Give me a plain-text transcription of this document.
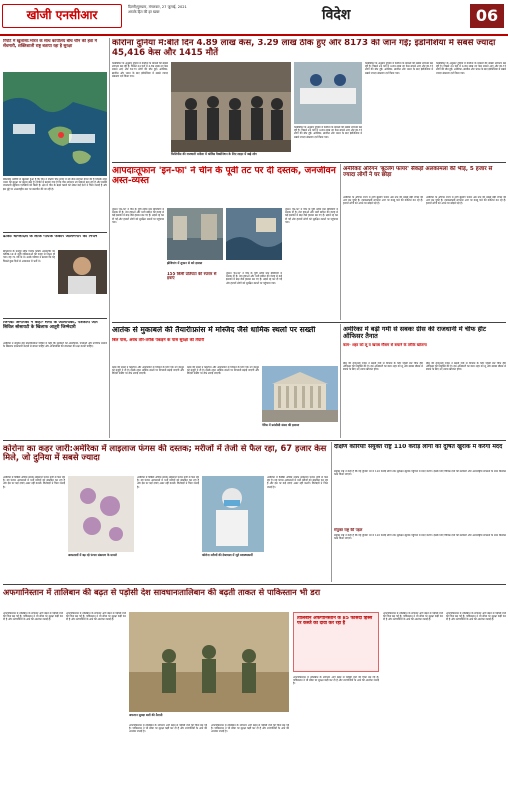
खोजी एनसीआर
दिल्ली/गुरुग्राम, मंगलवार, 27 जुलाई, 2021
आपके हित की हर खबर	विदेश	06
रिपोर्ट में खुलासा:भारत के साथ कार्यालय बीच चीन की हवा में सेंधमारी, शक्तिशाली राष्ट्र बताया रहा है सुरक्षा
सैटेलाइट तस्वीरों से खुलासा हुआ है कि चीन ने दक्षिण चीन सागर में नई सैन्य संरचना तैयार की है जिसके तहत भारत की सुरक्षा पर खतरा बढ़ा है। रिपोर्ट में बताया गया है कि चीन लगातार नए ठिकाने बना रहा है और इसकी जानकारी खुफिया एजेंसियों को मिली है। क्षेत्र में चीन के बढ़ते कब्जे को लेकर कई देशों ने चिंता जताई है और इस मुद्दे पर अंतरराष्ट्रीय स्तर पर बातचीत की जा रही है।
ढाकाः बांग्लादेश के लोक गायक फकीर आलमगीर का निधन
बांग्लादेश के मशहूर लोक गायक फकीर आलमगीर का कोविड-19 से जुड़ी जटिलताओं की वजह से निधन हो गया। वह 71 वर्ष के थे। उनके परिवार ने बताया कि वह पिछले कुछ दिनों से अस्पताल में भर्ती थे।
जिनेवाः अमेरिका ने कहा- सत्ता के आलोचकों, पत्रकारों और सिविल सोसायटी के खिलाफ आतुरी जिम्मेदारी
अमेरिका ने संयुक्त राष्ट्र मानवाधिकार परिषद में कहा कि सरकारों को आलोचकों, पत्रकारों और नागरिक समाज के खिलाफ दमनकारी कदमों से बचना चाहिए और अभिव्यक्ति की स्वतंत्रता की रक्षा करनी चाहिए।
कोरोना दुनिया में:बीते दिन 4.89 लाख केस, 3.29 लाख ठीक हुए और 8173 की जान गई; इंडोनेशिया में सबसे ज्यादा 45,416 केस और 1415 मौतें
वर्ल्डोमीटर के अनुसार दुनिया में कोरोना के मामलों की संख्या लगातार बढ़ रही है। पिछले 24 घंटों में 4.89 लाख नए केस सामने आए और 8173 लोगों की मौत हुई। अमेरिका, ब्राजील और भारत के बाद इंडोनेशिया में सबसे ज्यादा संक्रमण दर्ज किया गया।
फिलिपींस की राजधानी मनीला में कोविड वैक्सीनेशन के लिए लाइन में खड़े लोग
वर्ल्डोमीटर के अनुसार दुनिया में कोरोना के मामलों की संख्या लगातार बढ़ रही है। पिछले 24 घंटों में 4.89 लाख नए केस सामने आए और 8173 लोगों की मौत हुई। अमेरिका, ब्राजील और भारत के बाद इंडोनेशिया में सबसे ज्यादा संक्रमण दर्ज किया गया।
वर्ल्डोमीटर के अनुसार दुनिया में कोरोना के मामलों की संख्या लगातार बढ़ रही है। पिछले 24 घंटों में 4.89 लाख नए केस सामने आए और 8173 लोगों की मौत हुई। अमेरिका, ब्राजील और भारत के बाद इंडोनेशिया में सबसे ज्यादा संक्रमण दर्ज किया गया।
वर्ल्डोमीटर के अनुसार दुनिया में कोरोना के मामलों की संख्या लगातार बढ़ रही है। पिछले 24 घंटों में 4.89 लाख नए केस सामने आए और 8173 लोगों की मौत हुई। अमेरिका, ब्राजील और भारत के बाद इंडोनेशिया में सबसे ज्यादा संक्रमण दर्ज किया गया।
आपदाःतूफान 'इन-फा' ने चीन के पूर्वी तट पर दी दस्तक, जनजीवन अस्त-व्यस्त
तूफान 'इन-फा' ने चीन के पूर्वी तटीय प्रांत झेजियांग में दस्तक दी है। तेज हवाओं और भारी बारिश की वजह से कई इलाकों में बाढ़ जैसे हालात बन गए हैं। उड़ानें रद्द कर दी गईं और हजारों लोगों को सुरक्षित स्थानों पर पहुंचाया गया।
झेजियांग में तूफान से बने हालात
155 किमी प्रतिघंटा की रफ्तार से हवाएं
तूफान 'इन-फा' ने चीन के पूर्वी तटीय प्रांत झेजियांग में दस्तक दी है। तेज हवाओं और भारी बारिश की वजह से कई इलाकों में बाढ़ जैसे हालात बन गए हैं। उड़ानें रद्द कर दी गईं और हजारों लोगों को सुरक्षित स्थानों पर पहुंचाया गया।
तूफान 'इन-फा' ने चीन के पूर्वी तटीय प्रांत झेजियांग में दस्तक दी है। तेज हवाओं और भारी बारिश की वजह से कई इलाकों में बाढ़ जैसे हालात बन गए हैं। उड़ानें रद्द कर दी गईं और हजारों लोगों को सुरक्षित स्थानों पर पहुंचाया गया।
अमेरिकाः ऑरेगन 'बूटलेग फायर' सैकड़ों अलकामला की भीड़, 5 हजार से ज्यादा लोगों ने घर छोड़ा
अमेरिका के ऑरेगन राज्य में लगी बूटलेग फायर अब तक की सबसे बड़ी जंगल की आग बन चुकी है। दमकलकर्मी लगातार आग पर काबू पाने की कोशिश कर रहे हैं। हजारों लोगों को अपने घर छोड़ने पड़े हैं।
अमेरिका के ऑरेगन राज्य में लगी बूटलेग फायर अब तक की सबसे बड़ी जंगल की आग बन चुकी है। दमकलकर्मी लगातार आग पर काबू पाने की कोशिश कर रहे हैं। हजारों लोगों को अपने घर छोड़ने पड़े हैं।
आतंक से मुकाबले की तैयारीःफ्रांस में मस्जिद जैसे धार्मिक स्थलों पर सख्ती
बिल पास, अवैध तौर-तरीके पकड़ने के पास सुरक्षा की तैयारी
फ्रांस की संसद ने कट्टरपंथ और आतंकवाद से निपटने के लिए एक नए कानून को मंजूरी दे दी है। इसके तहत धार्मिक स्थलों पर निगरानी बढ़ाई जाएगी और विदेशी फंडिंग पर रोक लगाई जाएगी।
फ्रांस की संसद ने कट्टरपंथ और आतंकवाद से निपटने के लिए एक नए कानून को मंजूरी दे दी है। इसके तहत धार्मिक स्थलों पर निगरानी बढ़ाई जाएगी और विदेशी फंडिंग पर रोक लगाई जाएगी।
पेरिस में फ्रांसीसी संसद की इमारत
अमेरिका में बढ़ी गर्मी से सबकः ग्रीस की राजधानी में चीफ हीट ऑफिसर तैनात
काम- शहर को लू व खराब मौसम से बचाने के तरीके खोजना
ग्रीस की राजधानी एथेंस ने बढ़ती गर्मी से निपटने के लिए पहली बार चीफ हीट ऑफिसर की नियुक्ति की है। इस अधिकारी का काम शहर को लू और खराब मौसम से बचाने के लिए नए उपाय खोजना होगा।
ग्रीस की राजधानी एथेंस ने बढ़ती गर्मी से निपटने के लिए पहली बार चीफ हीट ऑफिसर की नियुक्ति की है। इस अधिकारी का काम शहर को लू और खराब मौसम से बचाने के लिए नए उपाय खोजना होगा।
कोरोना का कहर जारी:अमेरिका में लाइलाज फंगस की दस्तक; मरीजों में तेजी से फैल रहा, 67 हजार केस मिले, जो दुनिया में सबसे ज्यादा
अमेरिका में कैंडिडा ऑरिस नामक लाइलाज फंगस तेजी से फैल रहा है। यह फंगस अस्पतालों में भर्ती मरीजों को संक्रमित कर रहा है और इस पर कई दवाएं असर नहीं करतीं। विशेषज्ञों ने चिंता जताई है।
अस्पतालों में बढ़ रहे फंगल संक्रमण के मामले
अमेरिका में कैंडिडा ऑरिस नामक लाइलाज फंगस तेजी से फैल रहा है। यह फंगस अस्पतालों में भर्ती मरीजों को संक्रमित कर रहा है और इस पर कई दवाएं असर नहीं करतीं। विशेषज्ञों ने चिंता जताई है।
कोरोना मरीजों की देखभाल में जुटे स्वास्थ्यकर्मी
अमेरिका में कैंडिडा ऑरिस नामक लाइलाज फंगस तेजी से फैल रहा है। यह फंगस अस्पतालों में भर्ती मरीजों को संक्रमित कर रहा है और इस पर कई दवाएं असर नहीं करतीं। विशेषज्ञों ने चिंता जताई है।
दक्षिण कोरियाः संयुक्त राष्ट्र 110 करोड़ लोगों को दूषित खुराक में करेगा मदद
संयुक्त राष्ट्र ने कहा है कि वह दुनिया भर में 110 करोड़ लोगों तक सुरक्षित खुराक पहुंचाने में मदद करेगा। इसके लिए विभिन्न देशों की सरकारों और अंतरराष्ट्रीय संगठनों के साथ मिलकर काम किया जाएगा।
संयुक्त राष्ट्र की पहल
संयुक्त राष्ट्र ने कहा है कि वह दुनिया भर में 110 करोड़ लोगों तक सुरक्षित खुराक पहुंचाने में मदद करेगा। इसके लिए विभिन्न देशों की सरकारों और अंतरराष्ट्रीय संगठनों के साथ मिलकर काम किया जाएगा।
अफगानिस्तान में तालिबान की बढ़त से पड़ोसी देश सावधानःतालिबान की बढ़ती ताकत से पाकिस्तान भी डरा
अफगानिस्तान में तालिबान के लगातार आगे बढ़ने से पड़ोसी देशों की चिंता बढ़ गई है। पाकिस्तान ने भी सीमा पर सुरक्षा कड़ी कर दी है और शरणार्थियों के आने की आशंका जताई है।
अफगानिस्तान में तालिबान के लगातार आगे बढ़ने से पड़ोसी देशों की चिंता बढ़ गई है। पाकिस्तान ने भी सीमा पर सुरक्षा कड़ी कर दी है और शरणार्थियों के आने की आशंका जताई है।
अफगान सुरक्षा बलों की तैनाती
अफगानिस्तान में तालिबान के लगातार आगे बढ़ने से पड़ोसी देशों की चिंता बढ़ गई है। पाकिस्तान ने भी सीमा पर सुरक्षा कड़ी कर दी है और शरणार्थियों के आने की आशंका जताई है।
अफगानिस्तान में तालिबान के लगातार आगे बढ़ने से पड़ोसी देशों की चिंता बढ़ गई है। पाकिस्तान ने भी सीमा पर सुरक्षा कड़ी कर दी है और शरणार्थियों के आने की आशंका जताई है।
तालिबान अफगानिस्तान के 85 फीसदी हिस्से पर कब्जे का दावा कर रहा है
अफगानिस्तान में तालिबान के लगातार आगे बढ़ने से पड़ोसी देशों की चिंता बढ़ गई है। पाकिस्तान ने भी सीमा पर सुरक्षा कड़ी कर दी है और शरणार्थियों के आने की आशंका जताई है।
अफगानिस्तान में तालिबान के लगातार आगे बढ़ने से पड़ोसी देशों की चिंता बढ़ गई है। पाकिस्तान ने भी सीमा पर सुरक्षा कड़ी कर दी है और शरणार्थियों के आने की आशंका जताई है।
अफगानिस्तान में तालिबान के लगातार आगे बढ़ने से पड़ोसी देशों की चिंता बढ़ गई है। पाकिस्तान ने भी सीमा पर सुरक्षा कड़ी कर दी है और शरणार्थियों के आने की आशंका जताई है।
